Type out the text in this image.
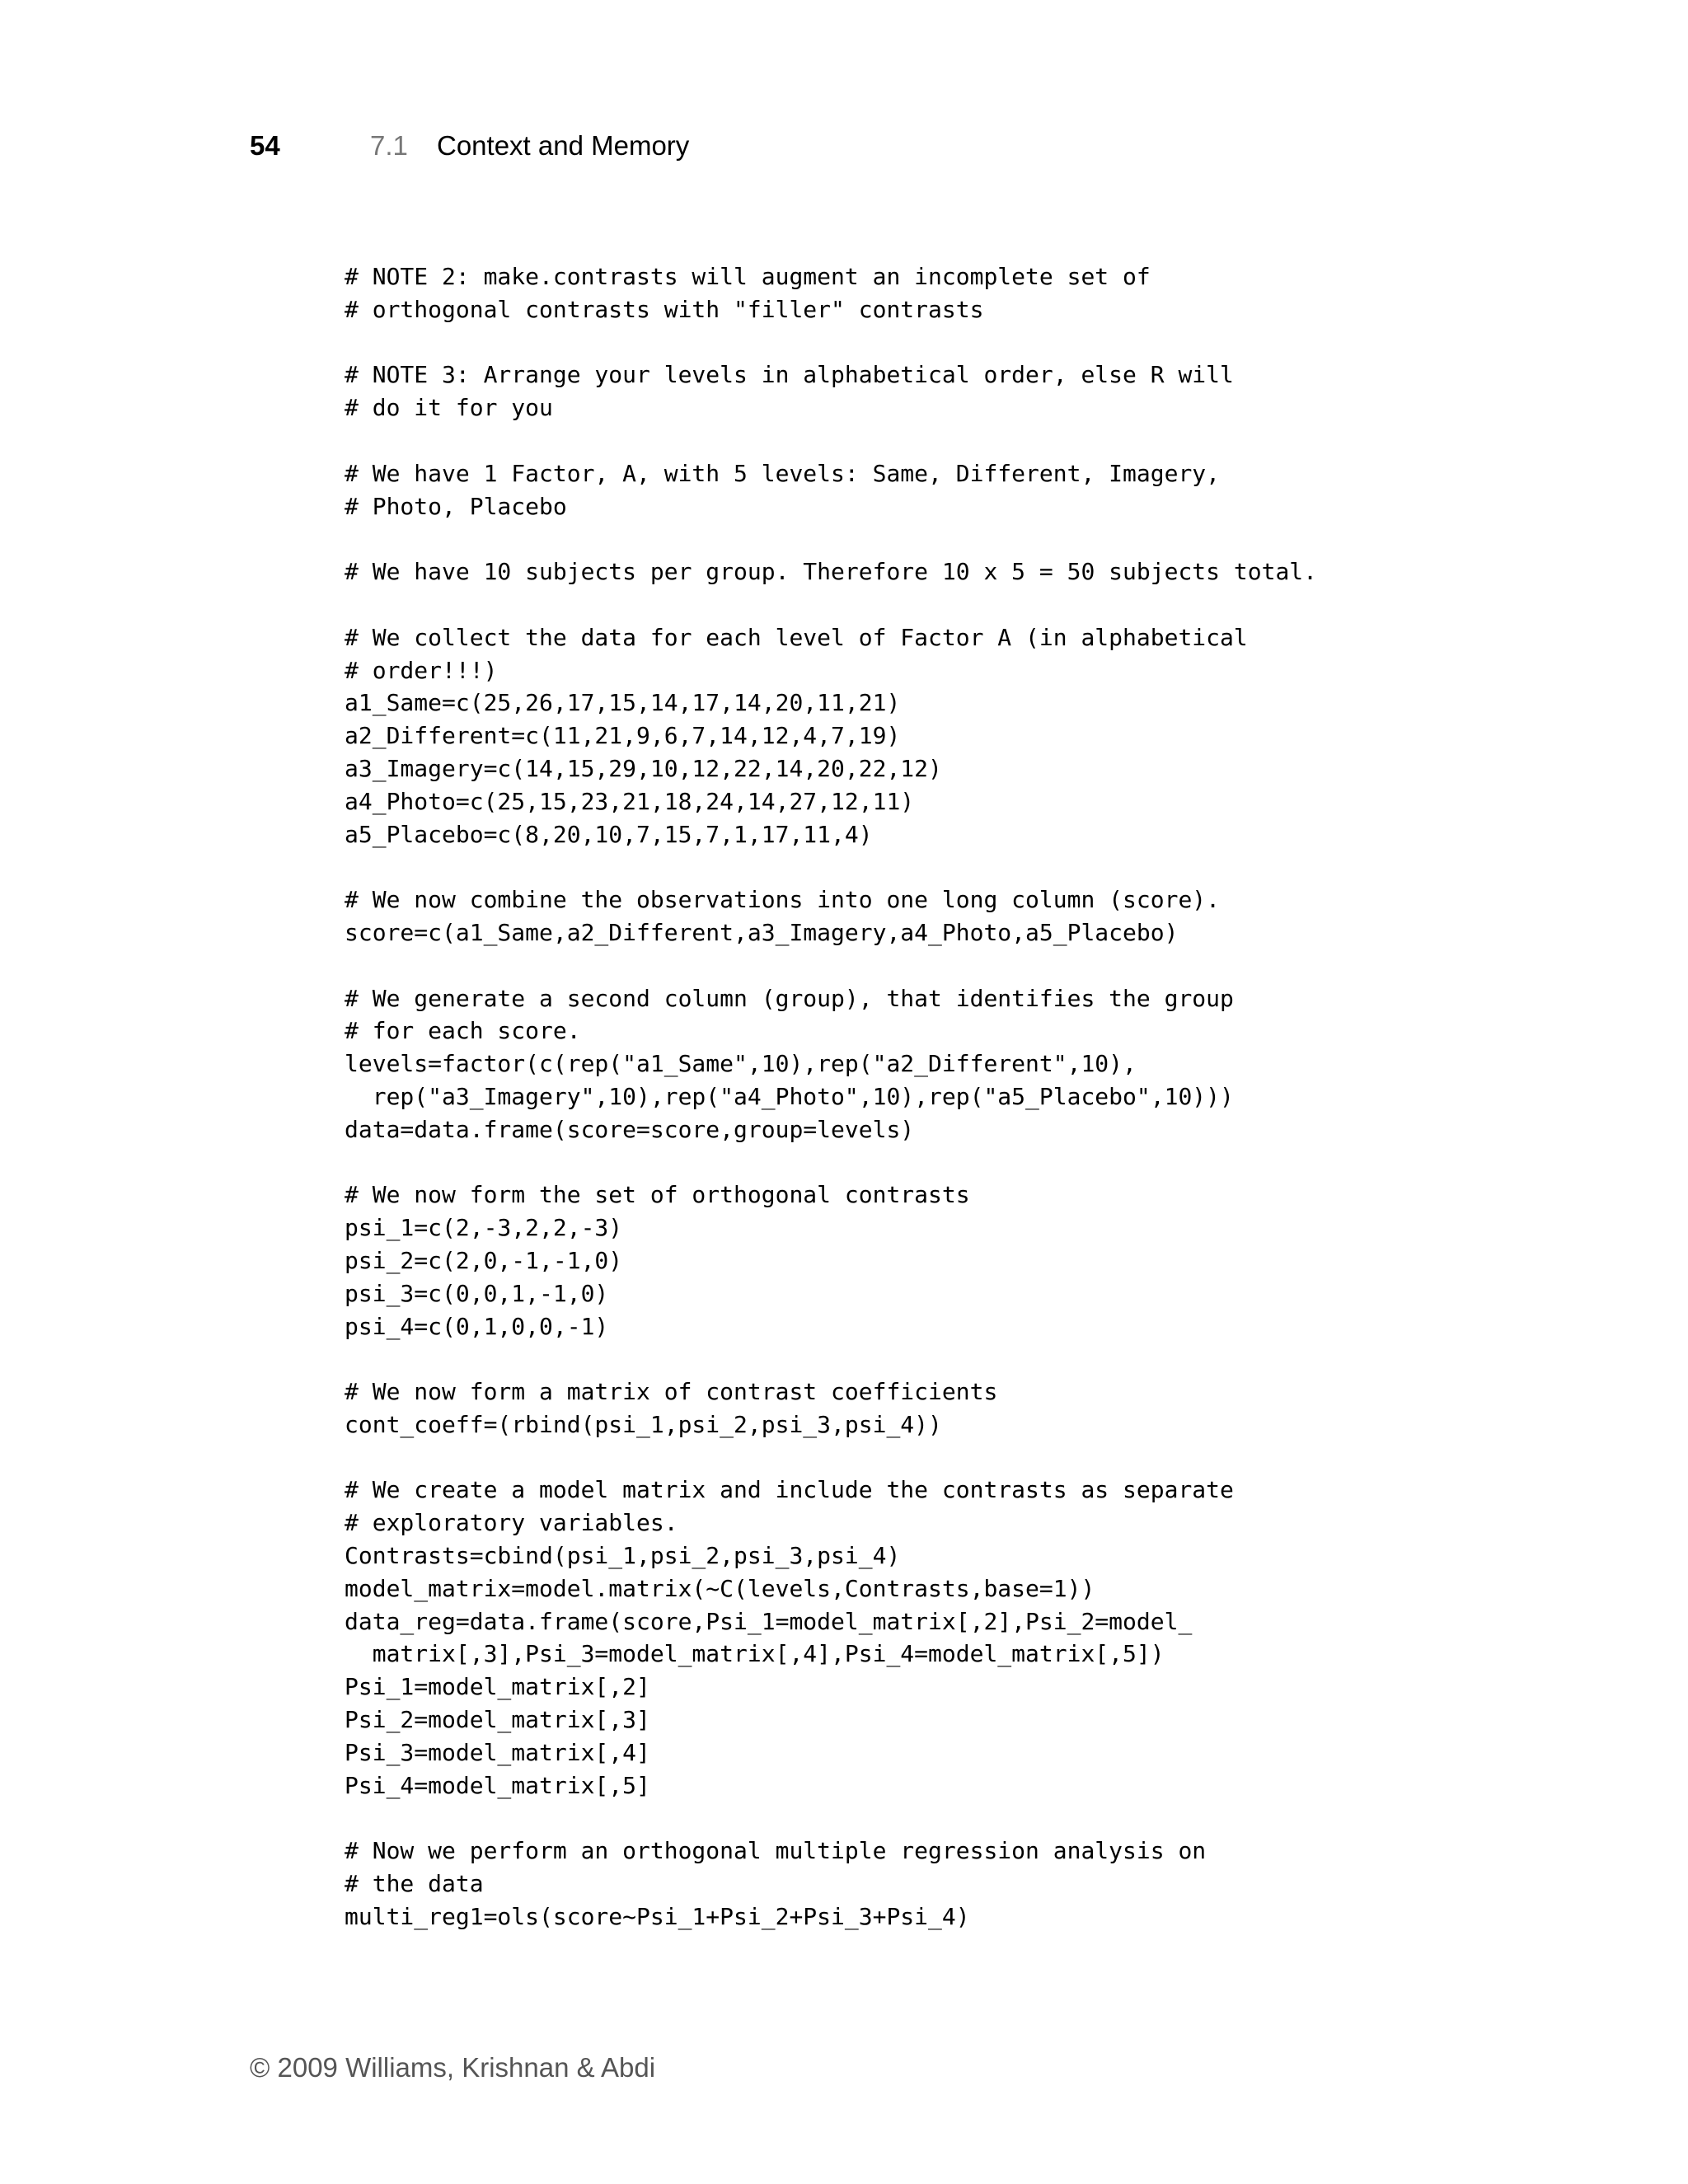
54	7.1 Context and Memory
# NOTE 2: make.contrasts will augment an incomplete set of
# orthogonal contrasts with "filler" contrasts
# NOTE 3: Arrange your levels in alphabetical order, else R will
# do it for you
# We have 1 Factor, A, with 5 levels: Same, Different, Imagery,
# Photo, Placebo
# We have 10 subjects per group. Therefore 10 x 5 = 50 subjects total.
# We collect the data for each level of Factor A (in alphabetical
# order!!!)
a1_Same=c(25,26,17,15,14,17,14,20,11,21)
a2_Different=c(11,21,9,6,7,14,12,4,7,19)
a3_Imagery=c(14,15,29,10,12,22,14,20,22,12)
a4_Photo=c(25,15,23,21,18,24,14,27,12,11)
a5_Placebo=c(8,20,10,7,15,7,1,17,11,4)
# We now combine the observations into one long column (score).
score=c(a1_Same,a2_Different,a3_Imagery,a4_Photo,a5_Placebo)
# We generate a second column (group), that identifies the group
# for each score.
levels=factor(c(rep("a1_Same",10),rep("a2_Different",10),
rep("a3_Imagery",10),rep("a4_Photo",10),rep("a5_Placebo",10)))
data=data.frame(score=score,group=levels)
# We now form the set of orthogonal contrasts
psi_1=c(2,-3,2,2,-3)
psi_2=c(2,0,-1,-1,0)
psi_3=c(0,0,1,-1,0)
psi_4=c(0,1,0,0,-1)
# We now form a matrix of contrast coefficients
cont_coeff=(rbind(psi_1,psi_2,psi_3,psi_4))
# We create a model matrix and include the contrasts as separate
# exploratory variables.
Contrasts=cbind(psi_1,psi_2,psi_3,psi_4)
model_matrix=model.matrix(~C(levels,Contrasts,base=1))
data_reg=data.frame(score,Psi_1=model_matrix[,2],Psi_2=model_
matrix[,3],Psi_3=model_matrix[,4],Psi_4=model_matrix[,5])
Psi_1=model_matrix[,2]
Psi_2=model_matrix[,3]
Psi_3=model_matrix[,4]
Psi_4=model_matrix[,5]
# Now we perform an orthogonal multiple regression analysis on
# the data
multi_reg1=ols(score~Psi_1+Psi_2+Psi_3+Psi_4)
© 2009 Williams, Krishnan & Abdi
